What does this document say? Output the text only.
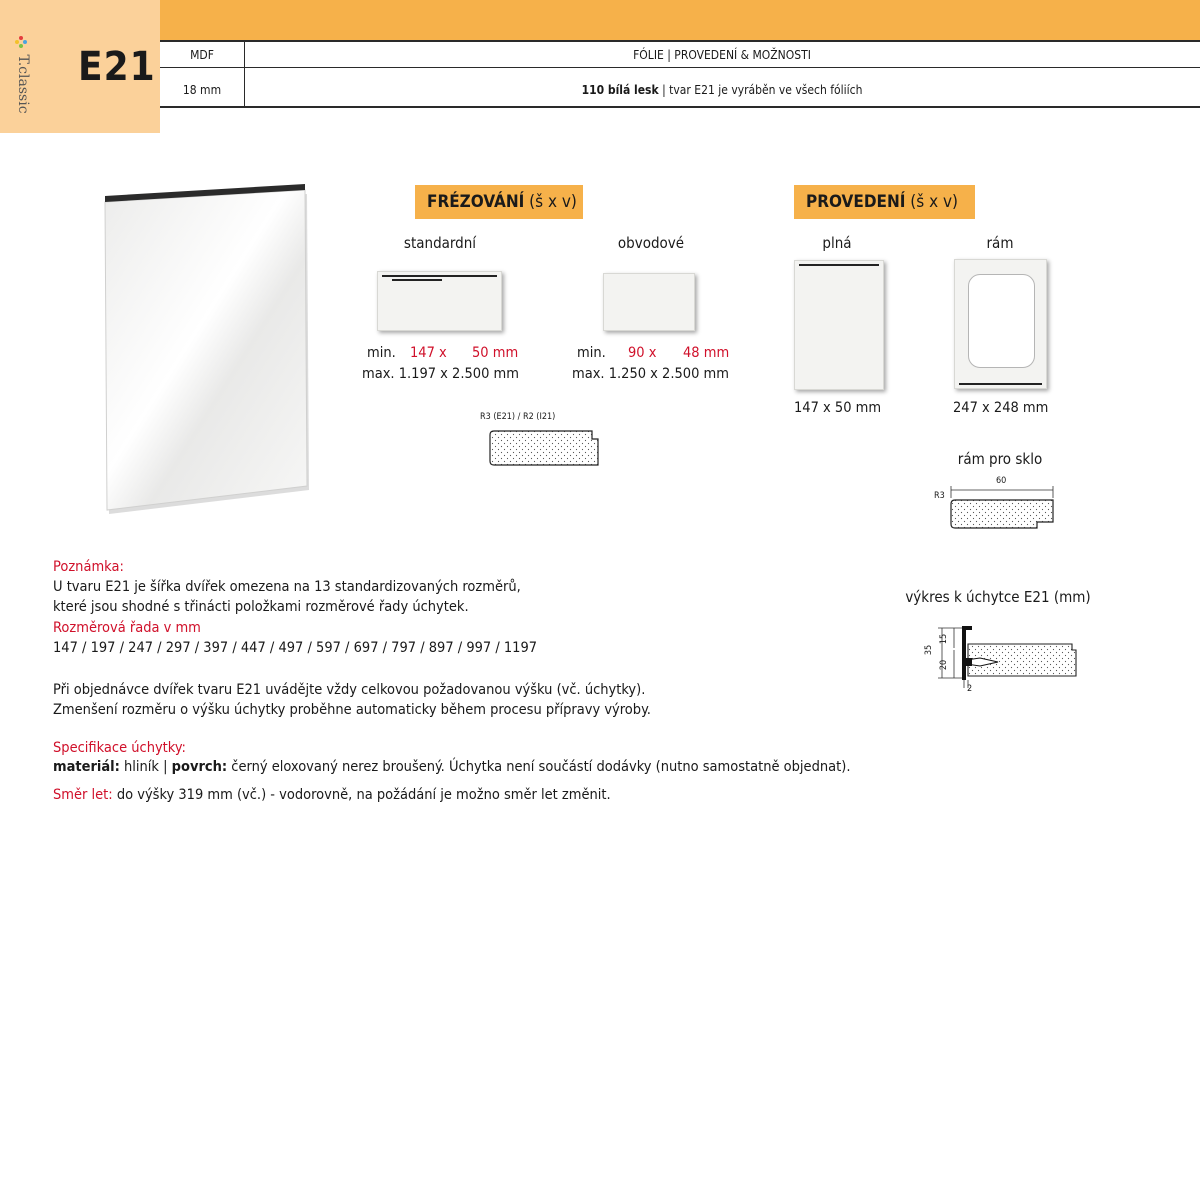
T.classic E21	MDF	FÓLIE | PROVEDENÍ & MOŽNOSTI
18 mm	110 bílá lesk | tvar E21 je vyráběn ve všech fóliích
FRÉZOVÁNÍ (š x v)
standardní
min. 147 x 50 mm
max. 1.197 x 2.500 mm
obvodové
min. 90 x 48 mm
max. 1.250 x 2.500 mm
R3 (E21) / R2 (I21)
PROVEDENÍ (š x v)
plná
147 x 50 mm
rám
247 x 248 mm
rám pro sklo
R3
60
výkres k úchytce E21 (mm)
35
15
20
2
Poznámka:
U tvaru E21 je šířka dvířek omezena na 13 standardizovaných rozměrů,
které jsou shodné s třinácti položkami rozměrové řady úchytek.
Rozměrová řada v mm
147 / 197 / 247 / 297 / 397 / 447 / 497 / 597 / 697 / 797 / 897 / 997 / 1197
Při objednávce dvířek tvaru E21 uvádějte vždy celkovou požadovanou výšku (vč. úchytky).
Zmenšení rozměru o výšku úchytky proběhne automaticky během procesu přípravy výroby.
Specifikace úchytky:
materiál: hliník | povrch: černý eloxovaný nerez broušený. Úchytka není součástí dodávky (nutno samostatně objednat).
Směr let: do výšky 319 mm (vč.) - vodorovně, na požádání je možno směr let změnit.
